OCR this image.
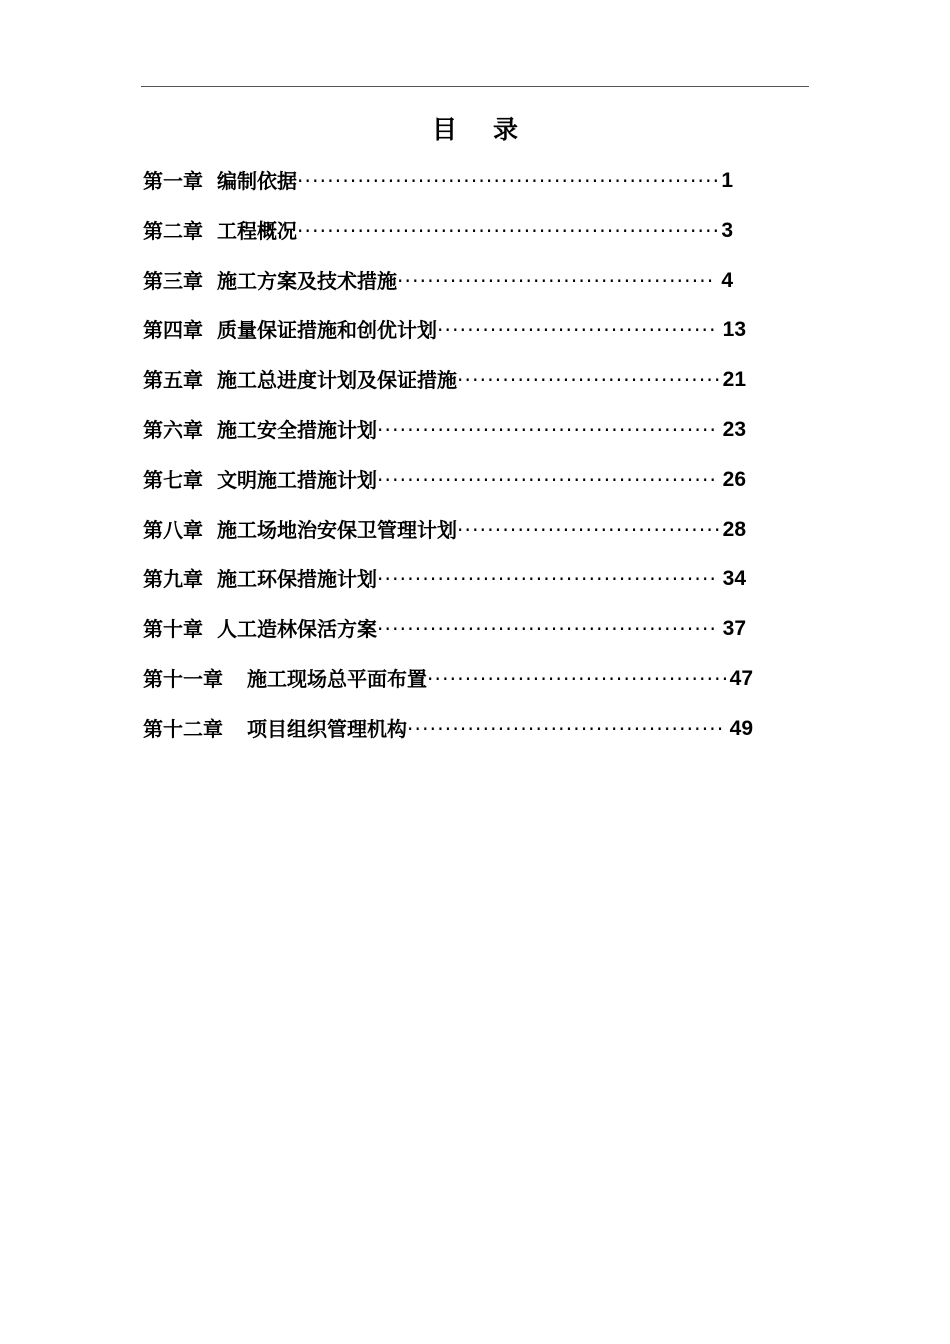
目 录
第一章 编制依据 ························································ 1
第二章 工程概况 ························································ 3
第三章 施工方案及技术措施 ·········································· 4
第四章 质量保证措施和创优计划 ····································· 13
第五章 施工总进度计划及保证措施 ··································· 21
第六章 施工安全措施计划 ············································· 23
第七章 文明施工措施计划 ············································· 26
第八章 施工场地治安保卫管理计划 ··································· 28
第九章 施工环保措施计划 ············································· 34
第十章 人工造林保活方案 ············································· 37
第十一章 施工现场总平面布置 ········································ 47
第十二章 项目组织管理机构 ·········································· 49
